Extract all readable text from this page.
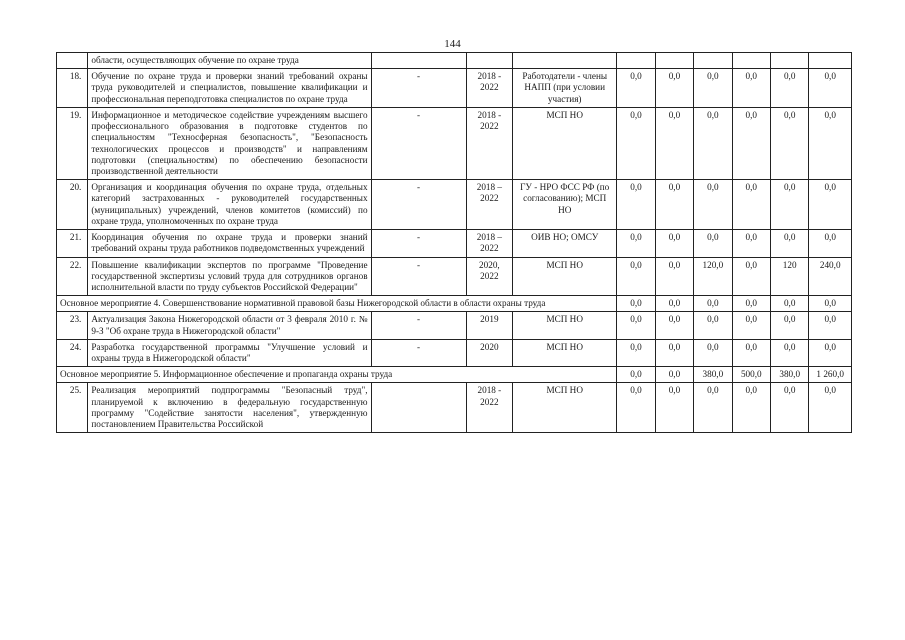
144
	области, осуществляющих обучение по охране труда									
18.	Обучение по охране труда и проверки знаний требований охраны труда руководителей и специалистов, повышение квалификации и профессиональная переподготовка специалистов по охране труда	-	2018 - 2022	Работодатели - члены НАПП (при условии участия)	0,0	0,0	0,0	0,0	0,0	0,0
19.	Информационное и методическое содействие учреждениям высшего профессионального образования в подготовке студентов по специальностям "Техносферная безопасность", "Безопасность технологических процессов и производств" и направлениям подготовки (специальностям) по обеспечению безопасности производственной деятельности	-	2018 - 2022	МСП НО	0,0	0,0	0,0	0,0	0,0	0,0
20.	Организация и координация обучения по охране труда, отдельных категорий застрахованных - руководителей государственных (муниципальных) учреждений, членов комитетов (комиссий) по охране труда, уполномоченных по охране труда	-	2018 – 2022	ГУ - НРО ФСС РФ (по согласованию); МСП НО	0,0	0,0	0,0	0,0	0,0	0,0
21.	Координация обучения по охране труда и проверки знаний требований охраны труда работников подведомственных учреждений	-	2018 – 2022	ОИВ НО; ОМСУ	0,0	0,0	0,0	0,0	0,0	0,0
22.	Повышение квалификации экспертов по программе "Проведение государственной экспертизы условий труда для сотрудников органов исполнительной власти по труду субъектов Российской Федерации"	-	2020, 2022	МСП НО	0,0	0,0	120,0	0,0	120	240,0
Основное мероприятие 4. Совершенствование нормативной правовой базы Нижегородской области в области охраны труда					0,0	0,0	0,0	0,0	0,0	0,0
23.	Актуализация Закона Нижегородской области от 3 февраля 2010 г. № 9-З "Об охране труда в Нижегородской области"	-	2019	МСП НО	0,0	0,0	0,0	0,0	0,0	0,0
24.	Разработка государственной программы "Улучшение условий и охраны труда в Нижегородской области"	-	2020	МСП НО	0,0	0,0	0,0	0,0	0,0	0,0
Основное мероприятие 5. Информационное обеспечение и пропаганда охраны труда					0,0	0,0	380,0	500,0	380,0	1 260,0
25.	Реализация мероприятий подпрограммы "Безопасный труд", планируемой к включению в федеральную государственную программу "Содействие занятости населения", утвержденную постановлением Правительства Российской		2018 - 2022	МСП НО	0,0	0,0	0,0	0,0	0,0	0,0
